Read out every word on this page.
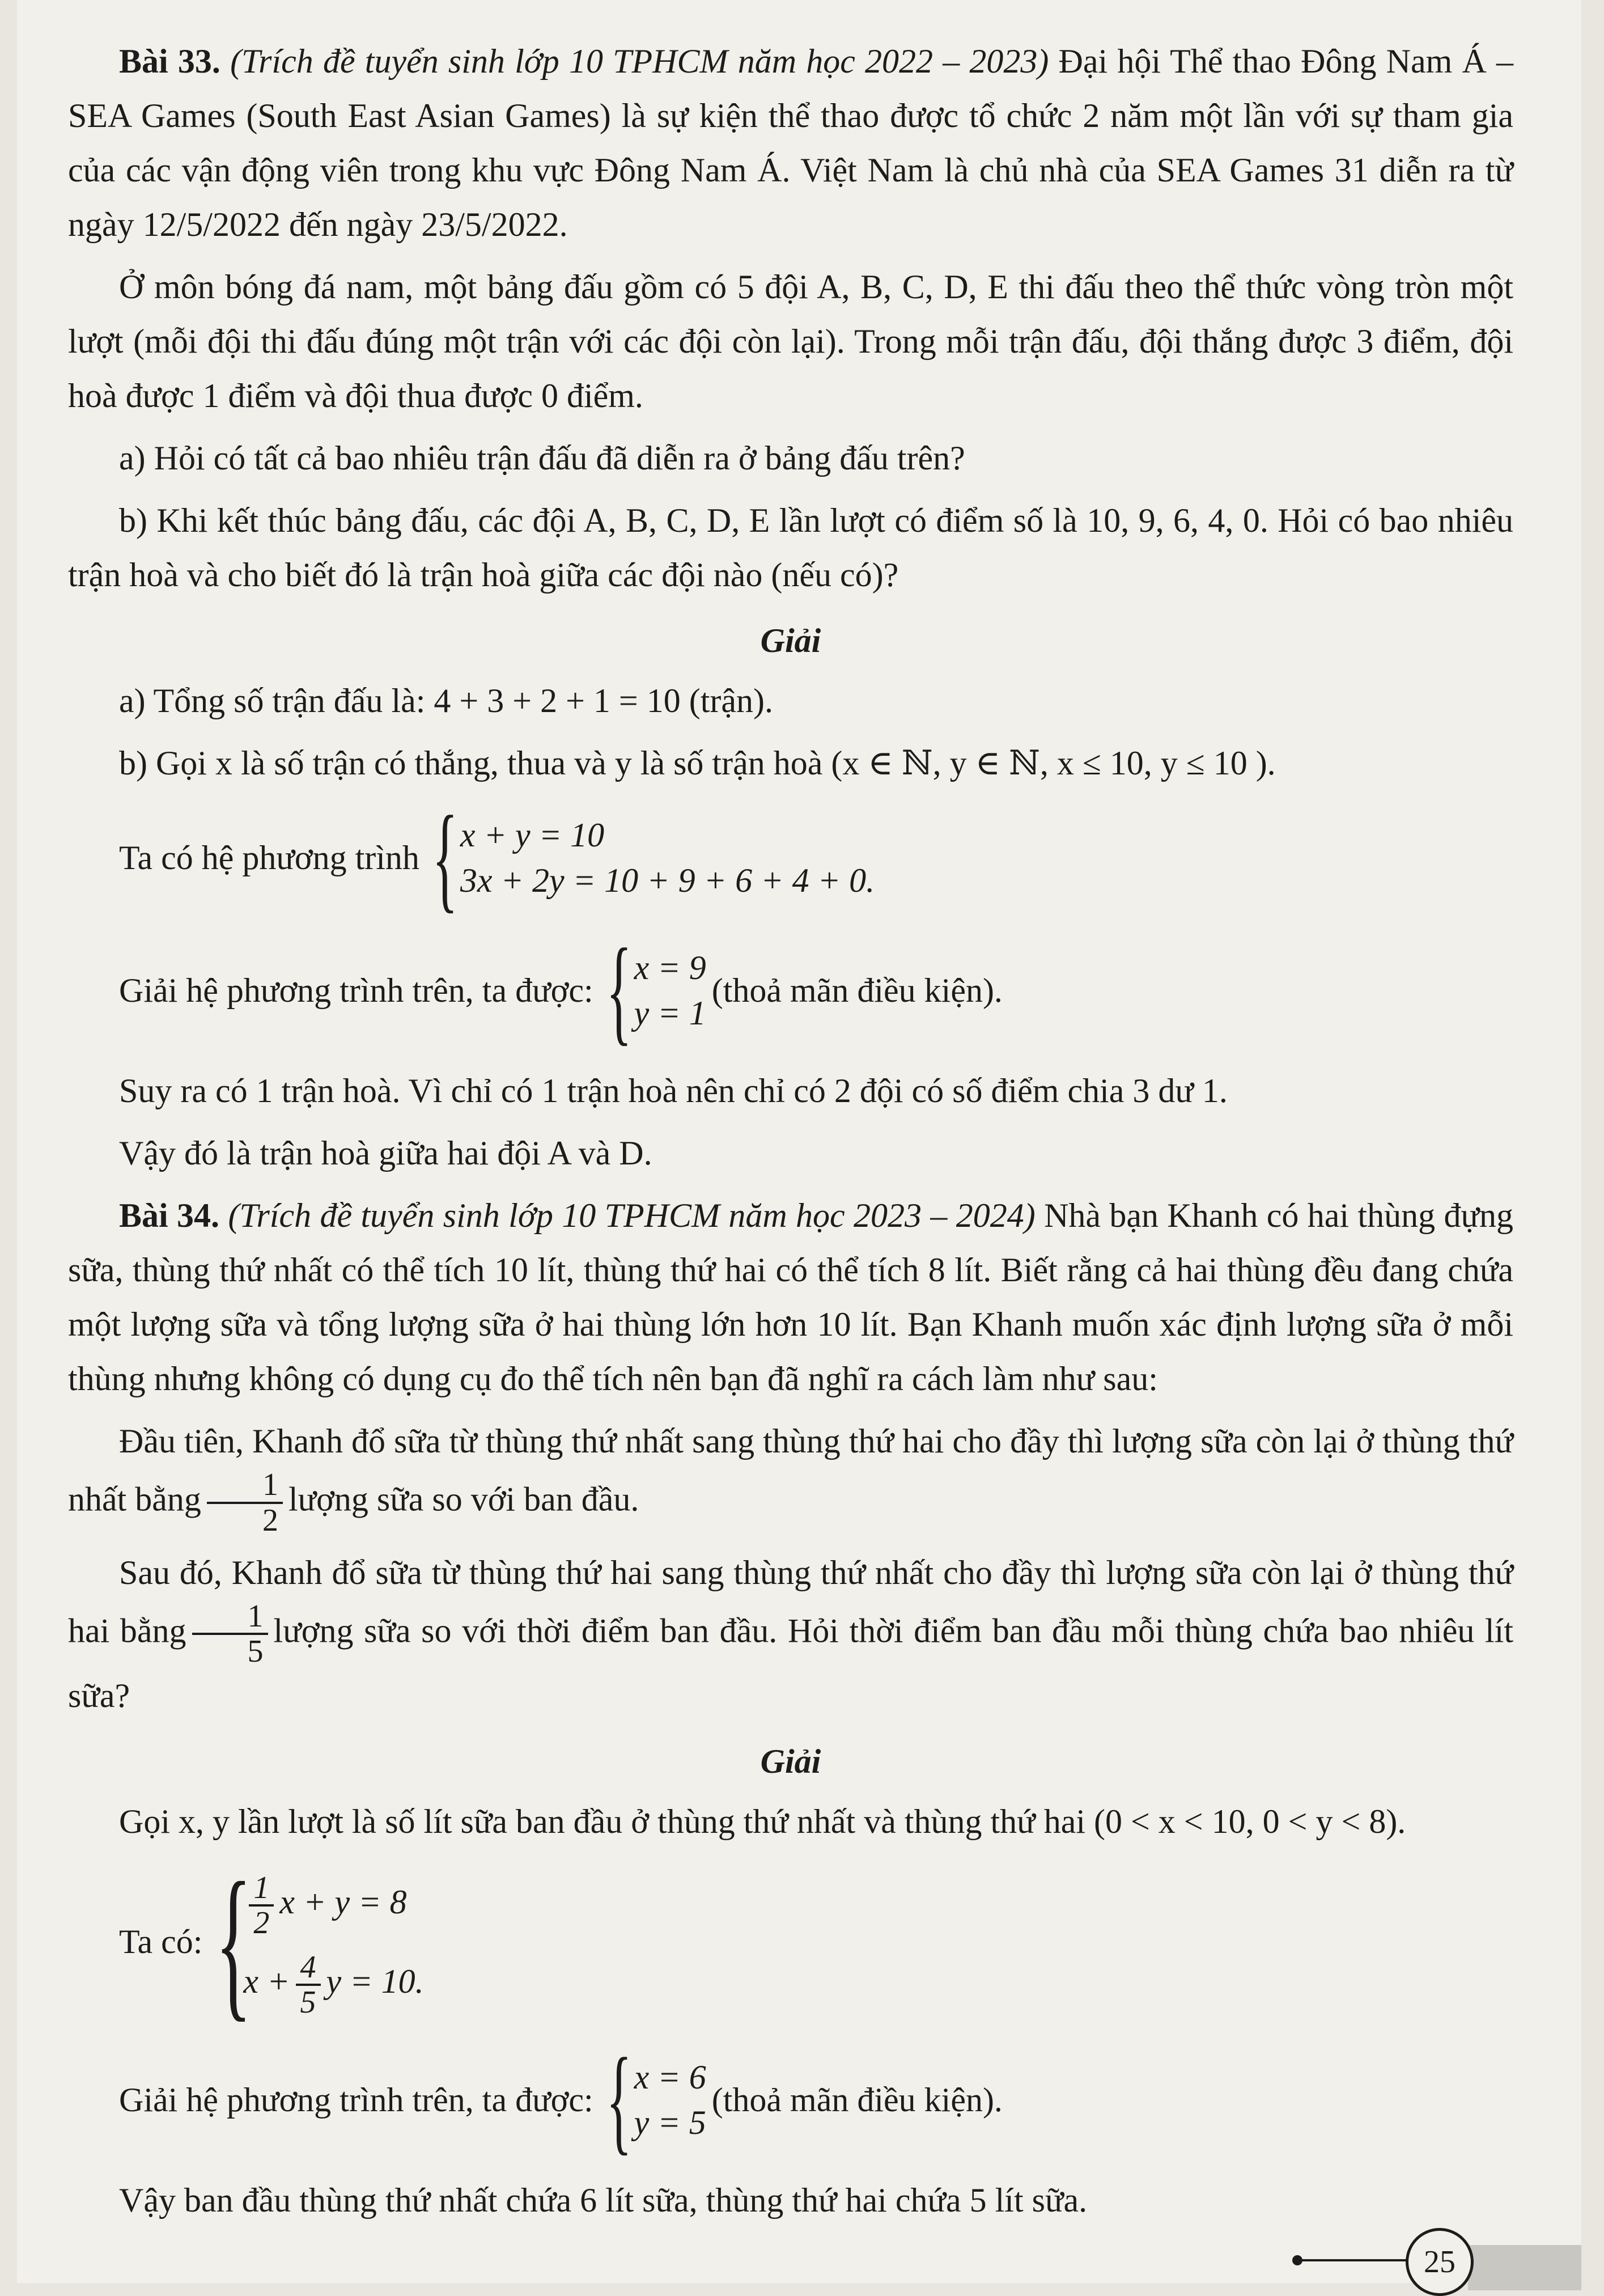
Bài 33. (Trích đề tuyển sinh lớp 10 TPHCM năm học 2022 – 2023) Đại hội Thể thao Đông Nam Á – SEA Games (South East Asian Games) là sự kiện thể thao được tổ chức 2 năm một lần với sự tham gia của các vận động viên trong khu vực Đông Nam Á. Việt Nam là chủ nhà của SEA Games 31 diễn ra từ ngày 12/5/2022 đến ngày 23/5/2022.

Ở môn bóng đá nam, một bảng đấu gồm có 5 đội A, B, C, D, E thi đấu theo thể thức vòng tròn một lượt (mỗi đội thi đấu đúng một trận với các đội còn lại). Trong mỗi trận đấu, đội thắng được 3 điểm, đội hoà được 1 điểm và đội thua được 0 điểm.

a) Hỏi có tất cả bao nhiêu trận đấu đã diễn ra ở bảng đấu trên?

b) Khi kết thúc bảng đấu, các đội A, B, C, D, E lần lượt có điểm số là 10, 9, 6, 4, 0. Hỏi có bao nhiêu trận hoà và cho biết đó là trận hoà giữa các đội nào (nếu có)?

Giải

a) Tổng số trận đấu là: 4 + 3 + 2 + 1 = 10 (trận).

b) Gọi x là số trận có thắng, thua và y là số trận hoà (x ∈ ℕ, y ∈ ℕ, x ≤ 10, y ≤ 10 ).

Ta có hệ phương trình { x + y = 10
3x + 2y = 10 + 9 + 6 + 4 + 0.
Giải hệ phương trình trên, ta được: { x = 9
y = 1
(thoả mãn điều kiện).

Suy ra có 1 trận hoà. Vì chỉ có 1 trận hoà nên chỉ có 2 đội có số điểm chia 3 dư 1.

Vậy đó là trận hoà giữa hai đội A và D.

Bài 34. (Trích đề tuyển sinh lớp 10 TPHCM năm học 2023 – 2024) Nhà bạn Khanh có hai thùng đựng sữa, thùng thứ nhất có thể tích 10 lít, thùng thứ hai có thể tích 8 lít. Biết rằng cả hai thùng đều đang chứa một lượng sữa và tổng lượng sữa ở hai thùng lớn hơn 10 lít. Bạn Khanh muốn xác định lượng sữa ở mỗi thùng nhưng không có dụng cụ đo thể tích nên bạn đã nghĩ ra cách làm như sau:

Đầu tiên, Khanh đổ sữa từ thùng thứ nhất sang thùng thứ hai cho đầy thì lượng sữa còn lại ở thùng thứ nhất bằng $\frac{1}{2}$ lượng sữa so với ban đầu.

Sau đó, Khanh đổ sữa từ thùng thứ hai sang thùng thứ nhất cho đầy thì lượng sữa còn lại ở thùng thứ hai bằng $\frac{1}{5}$ lượng sữa so với thời điểm ban đầu. Hỏi thời điểm ban đầu mỗi thùng chứa bao nhiêu lít sữa?

Giải

Gọi x, y lần lượt là số lít sữa ban đầu ở thùng thứ nhất và thùng thứ hai (0 < x < 10, 0 < y < 8).

Ta có: {
$\frac{1}{2}$ x + y = 8
$x + \frac{4}{5}$ y = 10.
Giải hệ phương trình trên, ta được: { x = 6
y = 5
(thoả mãn điều kiện).

Vậy ban đầu thùng thứ nhất chứa 6 lít sữa, thùng thứ hai chứa 5 lít sữa.

25
